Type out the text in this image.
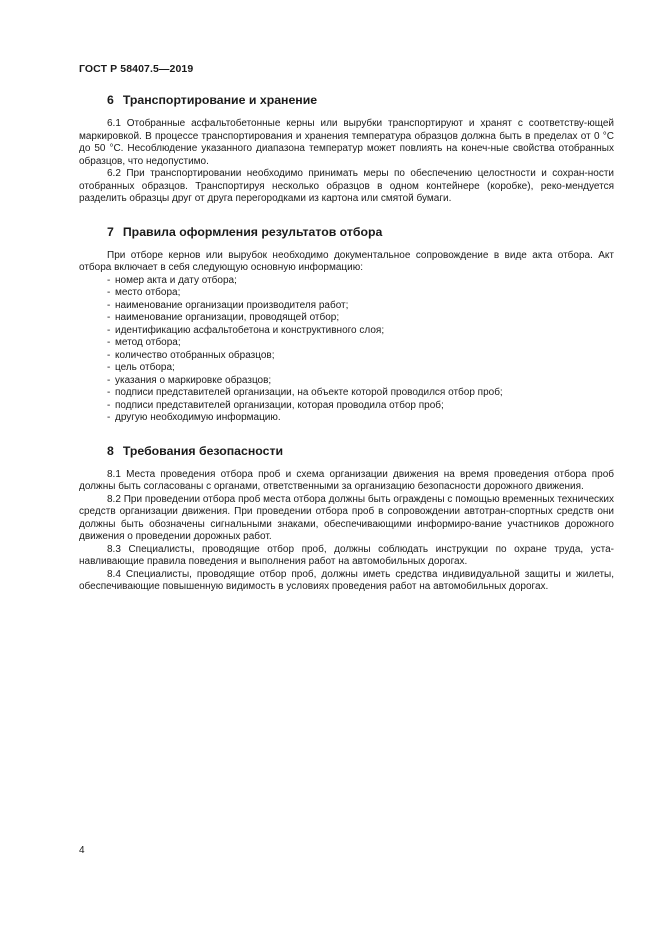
ГОСТ Р 58407.5—2019
6 Транспортирование и хранение

6.1 Отобранные асфальтобетонные керны или вырубки транспортируют и хранят с соответству-ющей маркировкой. В процессе транспортирования и хранения температура образцов должна быть в пределах от 0 °С до 50 °С. Несоблюдение указанного диапазона температур может повлиять на конеч-ные свойства отобранных образцов, что недопустимо.

6.2 При транспортировании необходимо принимать меры по обеспечению целостности и сохран-ности отобранных образцов. Транспортируя несколько образцов в одном контейнере (коробке), реко-мендуется разделить образцы друг от друга перегородками из картона или смятой бумаги.

7 Правила оформления результатов отбора

При отборе кернов или вырубок необходимо документальное сопровождение в виде акта отбора. Акт отбора включает в себя следующую основную информацию:

- номер акта и дату отбора;
- место отбора;
- наименование организации производителя работ;
- наименование организации, проводящей отбор;
- идентификацию асфальтобетона и конструктивного слоя;
- метод отбора;
- количество отобранных образцов;
- цель отбора;
- указания о маркировке образцов;
- подписи представителей организации, на объекте которой проводился отбор проб;
- подписи представителей организации, которая проводила отбор проб;
- другую необходимую информацию.
8 Требования безопасности

8.1 Места проведения отбора проб и схема организации движения на время проведения отбора проб должны быть согласованы с органами, ответственными за организацию безопасности дорожного движения.

8.2 При проведении отбора проб места отбора должны быть ограждены с помощью временных технических средств организации движения. При проведении отбора проб в сопровождении автотран-спортных средств они должны быть обозначены сигнальными знаками, обеспечивающими информиро-вание участников дорожного движения о проведении дорожных работ.

8.3 Специалисты, проводящие отбор проб, должны соблюдать инструкции по охране труда, уста-навливающие правила поведения и выполнения работ на автомобильных дорогах.

8.4 Специалисты, проводящие отбор проб, должны иметь средства индивидуальной защиты и жилеты, обеспечивающие повышенную видимость в условиях проведения работ на автомобильных дорогах.

4
